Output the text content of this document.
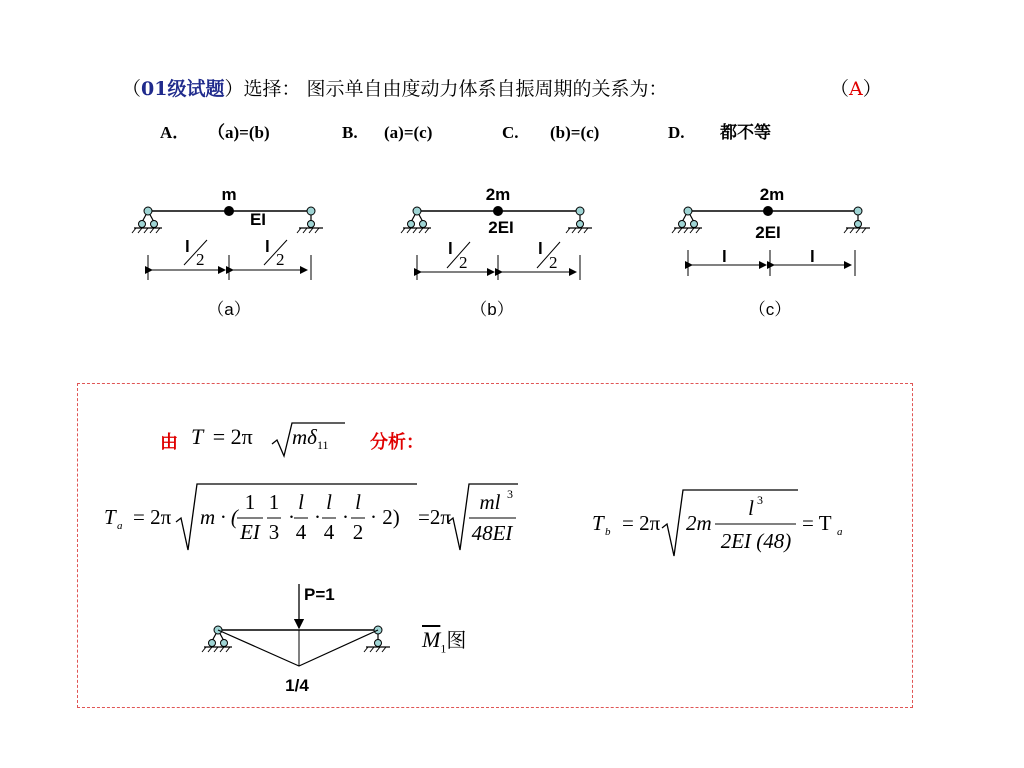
（01级试题）选择： 图示单自由度动力体系自振周期的关系为：	（A）
A． （a)=(b)	B. (a)=(c)	C. (b)=(c)	D. 都不等
m
EI
l
2
l
2
（a）
2m
2EI
l
2
l
2
（b）
2m
2EI
l	l
（c）
由 T = 2π $m\delta_{11}$ 分析：
T a = 2π m · (
1
EI
1
3
·
l
4
·
l
4
·
l
2
· 2) =2π
ml 3
48EI	T b = 2π 2m
l 3
2EI (48)
= T a
P=1
1/4
$\overline{M}_1$图
